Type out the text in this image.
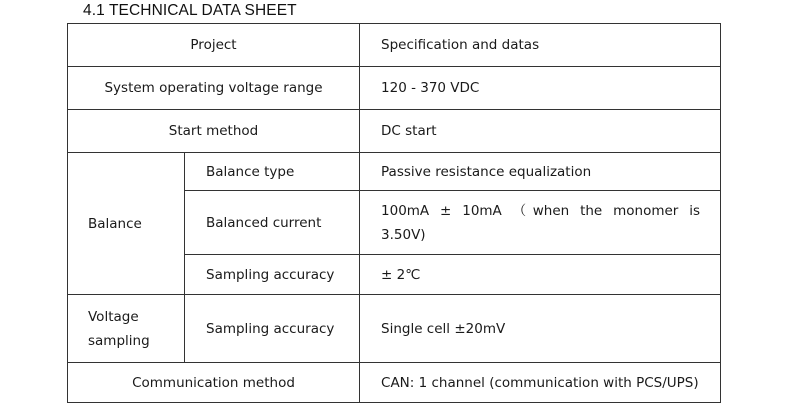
4.1 TECHNICAL DATA SHEET
Project		Specification and datas
System operating voltage range		120 - 370 VDC
Start method		DC start
Balance	Balance type	Passive resistance equalization
	Balanced current	100mA ± 10mA （when the monomer is 3.50V)
	Sampling accuracy	± 2℃
Voltage sampling	Sampling accuracy	Single cell ±20mV
Communication method		CAN: 1 channel (communication with PCS/UPS)
